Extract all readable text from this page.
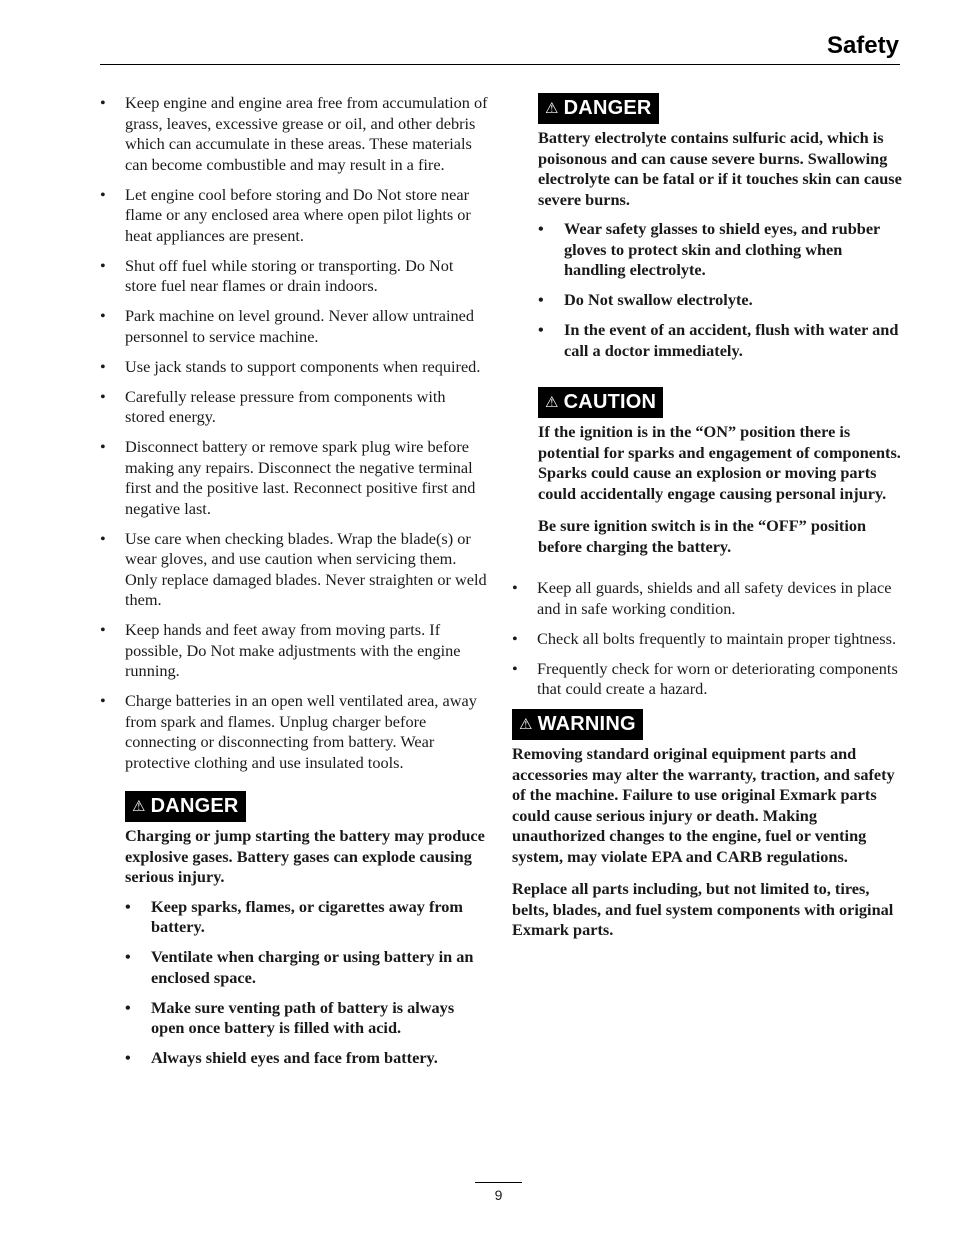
Safety
• Keep engine and engine area free from accumulation of grass, leaves, excessive grease or oil, and other debris which can accumulate in these areas. These materials can become combustible and may result in a fire.
• Let engine cool before storing and Do Not store near flame or any enclosed area where open pilot lights or heat appliances are present.
• Shut off fuel while storing or transporting. Do Not store fuel near flames or drain indoors.
• Park machine on level ground. Never allow untrained personnel to service machine.
• Use jack stands to support components when required.
• Carefully release pressure from components with stored energy.
• Disconnect battery or remove spark plug wire before making any repairs. Disconnect the negative terminal first and the positive last. Reconnect positive first and negative last.
• Use care when checking blades. Wrap the blade(s) or wear gloves, and use caution when servicing them. Only replace damaged blades. Never straighten or weld them.
• Keep hands and feet away from moving parts. If possible, Do Not make adjustments with the engine running.
• Charge batteries in an open well ventilated area, away from spark and flames. Unplug charger before connecting or disconnecting from battery. Wear protective clothing and use insulated tools.
⚠ DANGER

Charging or jump starting the battery may produce explosive gases. Battery gases can explode causing serious injury.

• Keep sparks, flames, or cigarettes away from battery.
• Ventilate when charging or using battery in an enclosed space.
• Make sure venting path of battery is always open once battery is filled with acid.
• Always shield eyes and face from battery.
⚠ DANGER

Battery electrolyte contains sulfuric acid, which is poisonous and can cause severe burns. Swallowing electrolyte can be fatal or if it touches skin can cause severe burns.

• Wear safety glasses to shield eyes, and rubber gloves to protect skin and clothing when handling electrolyte.
• Do Not swallow electrolyte.
• In the event of an accident, flush with water and call a doctor immediately.
⚠ CAUTION

If the ignition is in the “ON” position there is potential for sparks and engagement of components. Sparks could cause an explosion or moving parts could accidentally engage causing personal injury.

Be sure ignition switch is in the “OFF” position before charging the battery.

• Keep all guards, shields and all safety devices in place and in safe working condition.
• Check all bolts frequently to maintain proper tightness.
• Frequently check for worn or deteriorating components that could create a hazard.
⚠ WARNING

Removing standard original equipment parts and accessories may alter the warranty, traction, and safety of the machine. Failure to use original Exmark parts could cause serious injury or death. Making unauthorized changes to the engine, fuel or venting system, may violate EPA and CARB regulations.

Replace all parts including, but not limited to, tires, belts, blades, and fuel system components with original Exmark parts.

9
